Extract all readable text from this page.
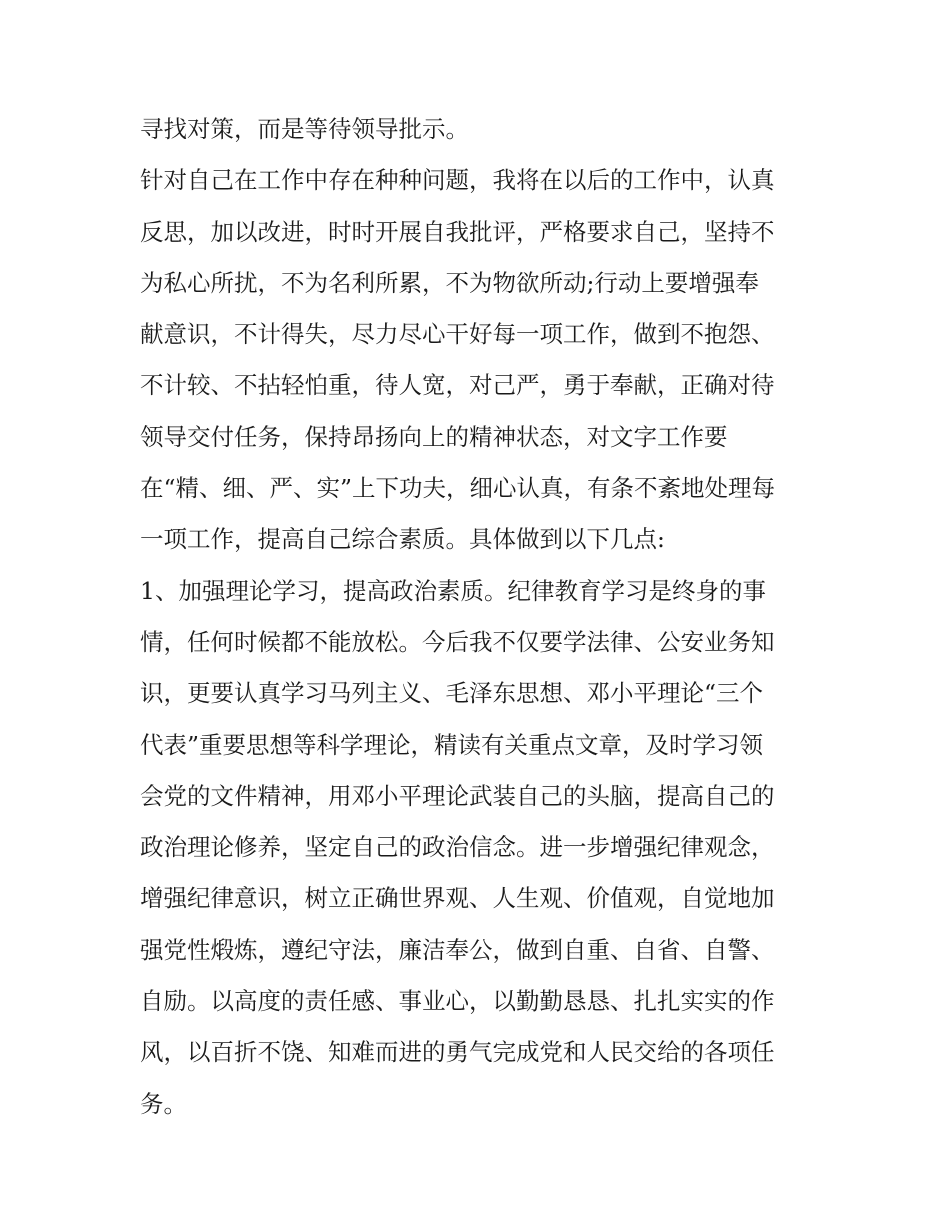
寻找对策，而是等待领导批示。
针对自己在工作中存在种种问题，我将在以后的工作中，认真
反思，加以改进，时时开展自我批评，严格要求自己，坚持不
为私心所扰，不为名利所累，不为物欲所动;行动上要增强奉
献意识，不计得失，尽力尽心干好每一项工作，做到不抱怨、
不计较、不拈轻怕重，待人宽，对己严，勇于奉献，正确对待
领导交付任务，保持昂扬向上的精神状态，对文字工作要
在“精、细、严、实”上下功夫，细心认真，有条不紊地处理每
一项工作，提高自己综合素质。具体做到以下几点:
1、加强理论学习，提高政治素质。纪律教育学习是终身的事
情，任何时候都不能放松。今后我不仅要学法律、公安业务知
识，更要认真学习马列主义、毛泽东思想、邓小平理论“三个
代表”重要思想等科学理论，精读有关重点文章，及时学习领
会党的文件精神，用邓小平理论武装自己的头脑，提高自己的
政治理论修养，坚定自己的政治信念。进一步增强纪律观念，
增强纪律意识，树立正确世界观、人生观、价值观，自觉地加
强党性煅炼，遵纪守法，廉洁奉公，做到自重、自省、自警、
自励。以高度的责任感、事业心，以勤勤恳恳、扎扎实实的作
风，以百折不饶、知难而进的勇气完成党和人民交给的各项任
务。
